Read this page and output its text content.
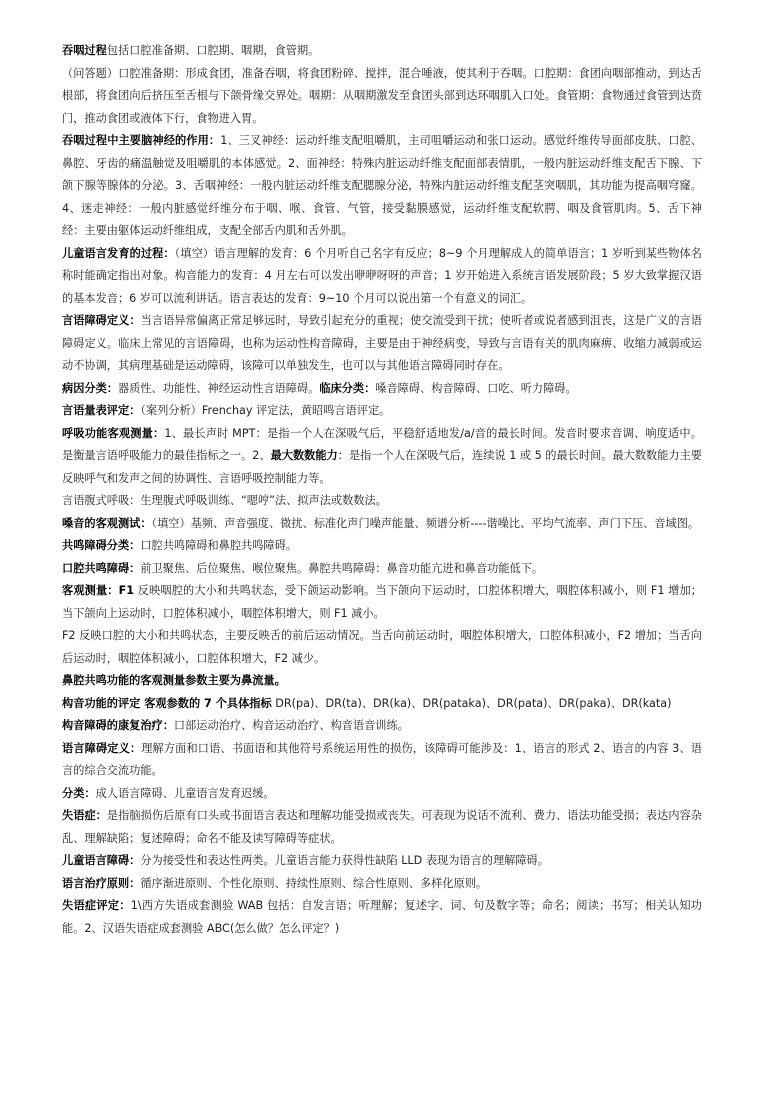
吞咽过程包括口腔准备期、口腔期、咽期，食管期。

（问答题）口腔准备期：形成食团，准备吞咽，将食团粉碎、搅拌，混合唾液，使其利于吞咽。口腔期：食团向咽部推动，到达舌根部，将食团向后挤压至舌根与下颌骨缘交界处。咽期：从咽期激发至食团头部到达环咽肌入口处。食管期：食物通过食管到达贲门，推动食团或液体下行，食物进入胃。

吞咽过程中主要脑神经的作用：1、三叉神经：运动纤维支配咀嚼肌，主司咀嚼运动和张口运动。感觉纤维传导面部皮肤、口腔、鼻腔、牙齿的痛温触觉及咀嚼肌的本体感觉。2、面神经：特殊内脏运动纤维支配面部表情肌，一般内脏运动纤维支配舌下腺、下颌下腺等腺体的分泌。3、舌咽神经：一般内脏运动纤维支配腮腺分泌，特殊内脏运动纤维支配茎突咽肌，其功能为提高咽穹窿。4、迷走神经：一般内脏感觉纤维分布于咽、喉、食管、气管，接受黏膜感觉，运动纤维支配软腭、咽及食管肌肉。5、舌下神经：主要由躯体运动纤维组成，支配全部舌内肌和舌外肌。

儿童语言发育的过程：（填空）语言理解的发育：6 个月听自己名字有反应；8~9 个月理解成人的简单语言；1 岁听到某些物体名称时能确定指出对象。构音能力的发育：4 月左右可以发出咿咿呀呀的声音；1 岁开始进入系统言语发展阶段；5 岁大致掌握汉语的基本发音；6 岁可以流利讲话。语言表达的发育：9~10 个月可以说出第一个有意义的词汇。

言语障碍定义：当言语异常偏离正常足够远时，导致引起充分的重视；使交流受到干扰；使听者或说者感到沮丧，这是广义的言语障碍定义。临床上常见的言语障碍，也称为运动性构音障碍，主要是由于神经病变，导致与言语有关的肌肉麻痹、收缩力减弱或运动不协调，其病理基础是运动障碍，该障可以单独发生，也可以与其他语言障碍同时存在。

病因分类：器质性、功能性、神经运动性言语障碍。临床分类：嗓音障碍、构音障碍、口吃、听力障碍。

言语量表评定：（案列分析）Frenchay 评定法，黄昭鸣言语评定。

呼吸功能客观测量：1、最长声时 MPT：是指一个人在深吸气后，平稳舒适地发/a/音的最长时间。发音时要求音调、响度适中。是衡量言语呼吸能力的最佳指标之一。2、最大数数能力：是指一个人在深吸气后，连续说 1 或 5 的最长时间。最大数数能力主要反映呼气和发声之间的协调性、言语呼吸控制能力等。

言语腹式呼吸：生理腹式呼吸训练、“嗯哼”法、拟声法或数数法。

嗓音的客观测试：（填空）基频、声音强度、微扰、标准化声门噪声能量、频谱分析----谐噪比、平均气流率、声门下压、音域图。

共鸣障碍分类：口腔共鸣障碍和鼻腔共鸣障碍。

口腔共鸣障碍：前卫聚焦、后位聚焦、喉位聚焦。鼻腔共鸣障碍：鼻音功能亢进和鼻音功能低下。

客观测量：F1 反映咽腔的大小和共鸣状态，受下颌运动影响。当下颌向下运动时，口腔体积增大，咽腔体积减小，则 F1 增加；当下颌向上运动时，口腔体积减小，咽腔体积增大，则 F1 减小。

F2 反映口腔的大小和共鸣状态，主要反映舌的前后运动情况。当舌向前运动时，咽腔体积增大，口腔体积减小，F2 增加；当舌向后运动时，咽腔体积减小，口腔体积增大，F2 减少。

鼻腔共鸣功能的客观测量参数主要为鼻流量。

构音功能的评定 客观参数的 7 个具体指标 DR(pa)、DR(ta)、DR(ka)、DR(pataka)、DR(pata)、DR(paka)、DR(kata)

构音障碍的康复治疗：口部运动治疗、构音运动治疗、构音语音训练。

语言障碍定义：理解方面和口语、书面语和其他符号系统运用性的损伤，该障碍可能涉及：1、语言的形式 2、语言的内容 3、语言的综合交流功能。

分类：成人语言障碍、儿童语言发育迟缓。

失语症：是指脑损伤后原有口头或书面语言表达和理解功能受损或丧失。可表现为说话不流利、费力、语法功能受损；表达内容杂乱、理解缺陷；复述障碍；命名不能及读写障碍等症状。

儿童语言障碍：分为接受性和表达性两类。儿童语言能力获得性缺陷 LLD 表现为语言的理解障碍。

语言治疗原则：循序渐进原则、个性化原则、持续性原则、综合性原则、多样化原则。

失语症评定：1\西方失语成套测验 WAB 包括：自发言语；听理解；复述字、词、句及数字等；命名；阅读；书写；相关认知功能。2、汉语失语症成套测验 ABC(怎么做？怎么评定？)
